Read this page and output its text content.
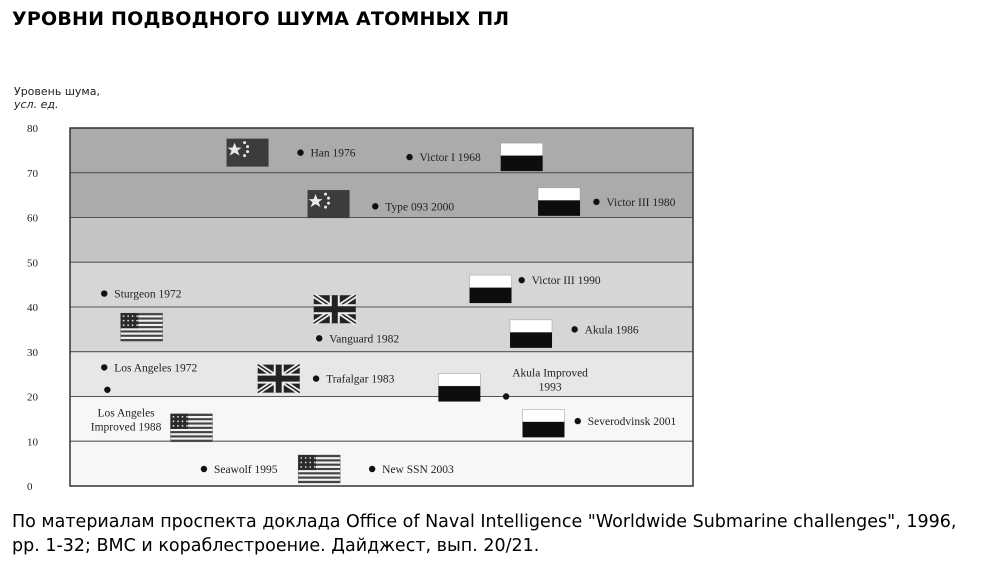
УРОВНИ ПОДВОДНОГО ШУМА АТОМНЫХ ПЛ
Уровень шума,
усл. ед.
0
10
20
30
40
50
60
70
80
Han 1976	Victor I 1968
Type 093 2000	Victor III 1980
Sturgeon 1972
Victor III 1990
Vanguard 1982
Akula 1986
Los Angeles 1972
Trafalgar 1983
Akula Improved 1993
Severodvinsk 2001
Seawolf 1995	New SSN 2003
Los Angeles Improved 1988
По материалам проспекта доклада Office of Naval Intelligence "Worldwide Submarine challenges", 1996, pp. 1-32; ВМС и кораблестроение. Дайджест, вып. 20/21.
